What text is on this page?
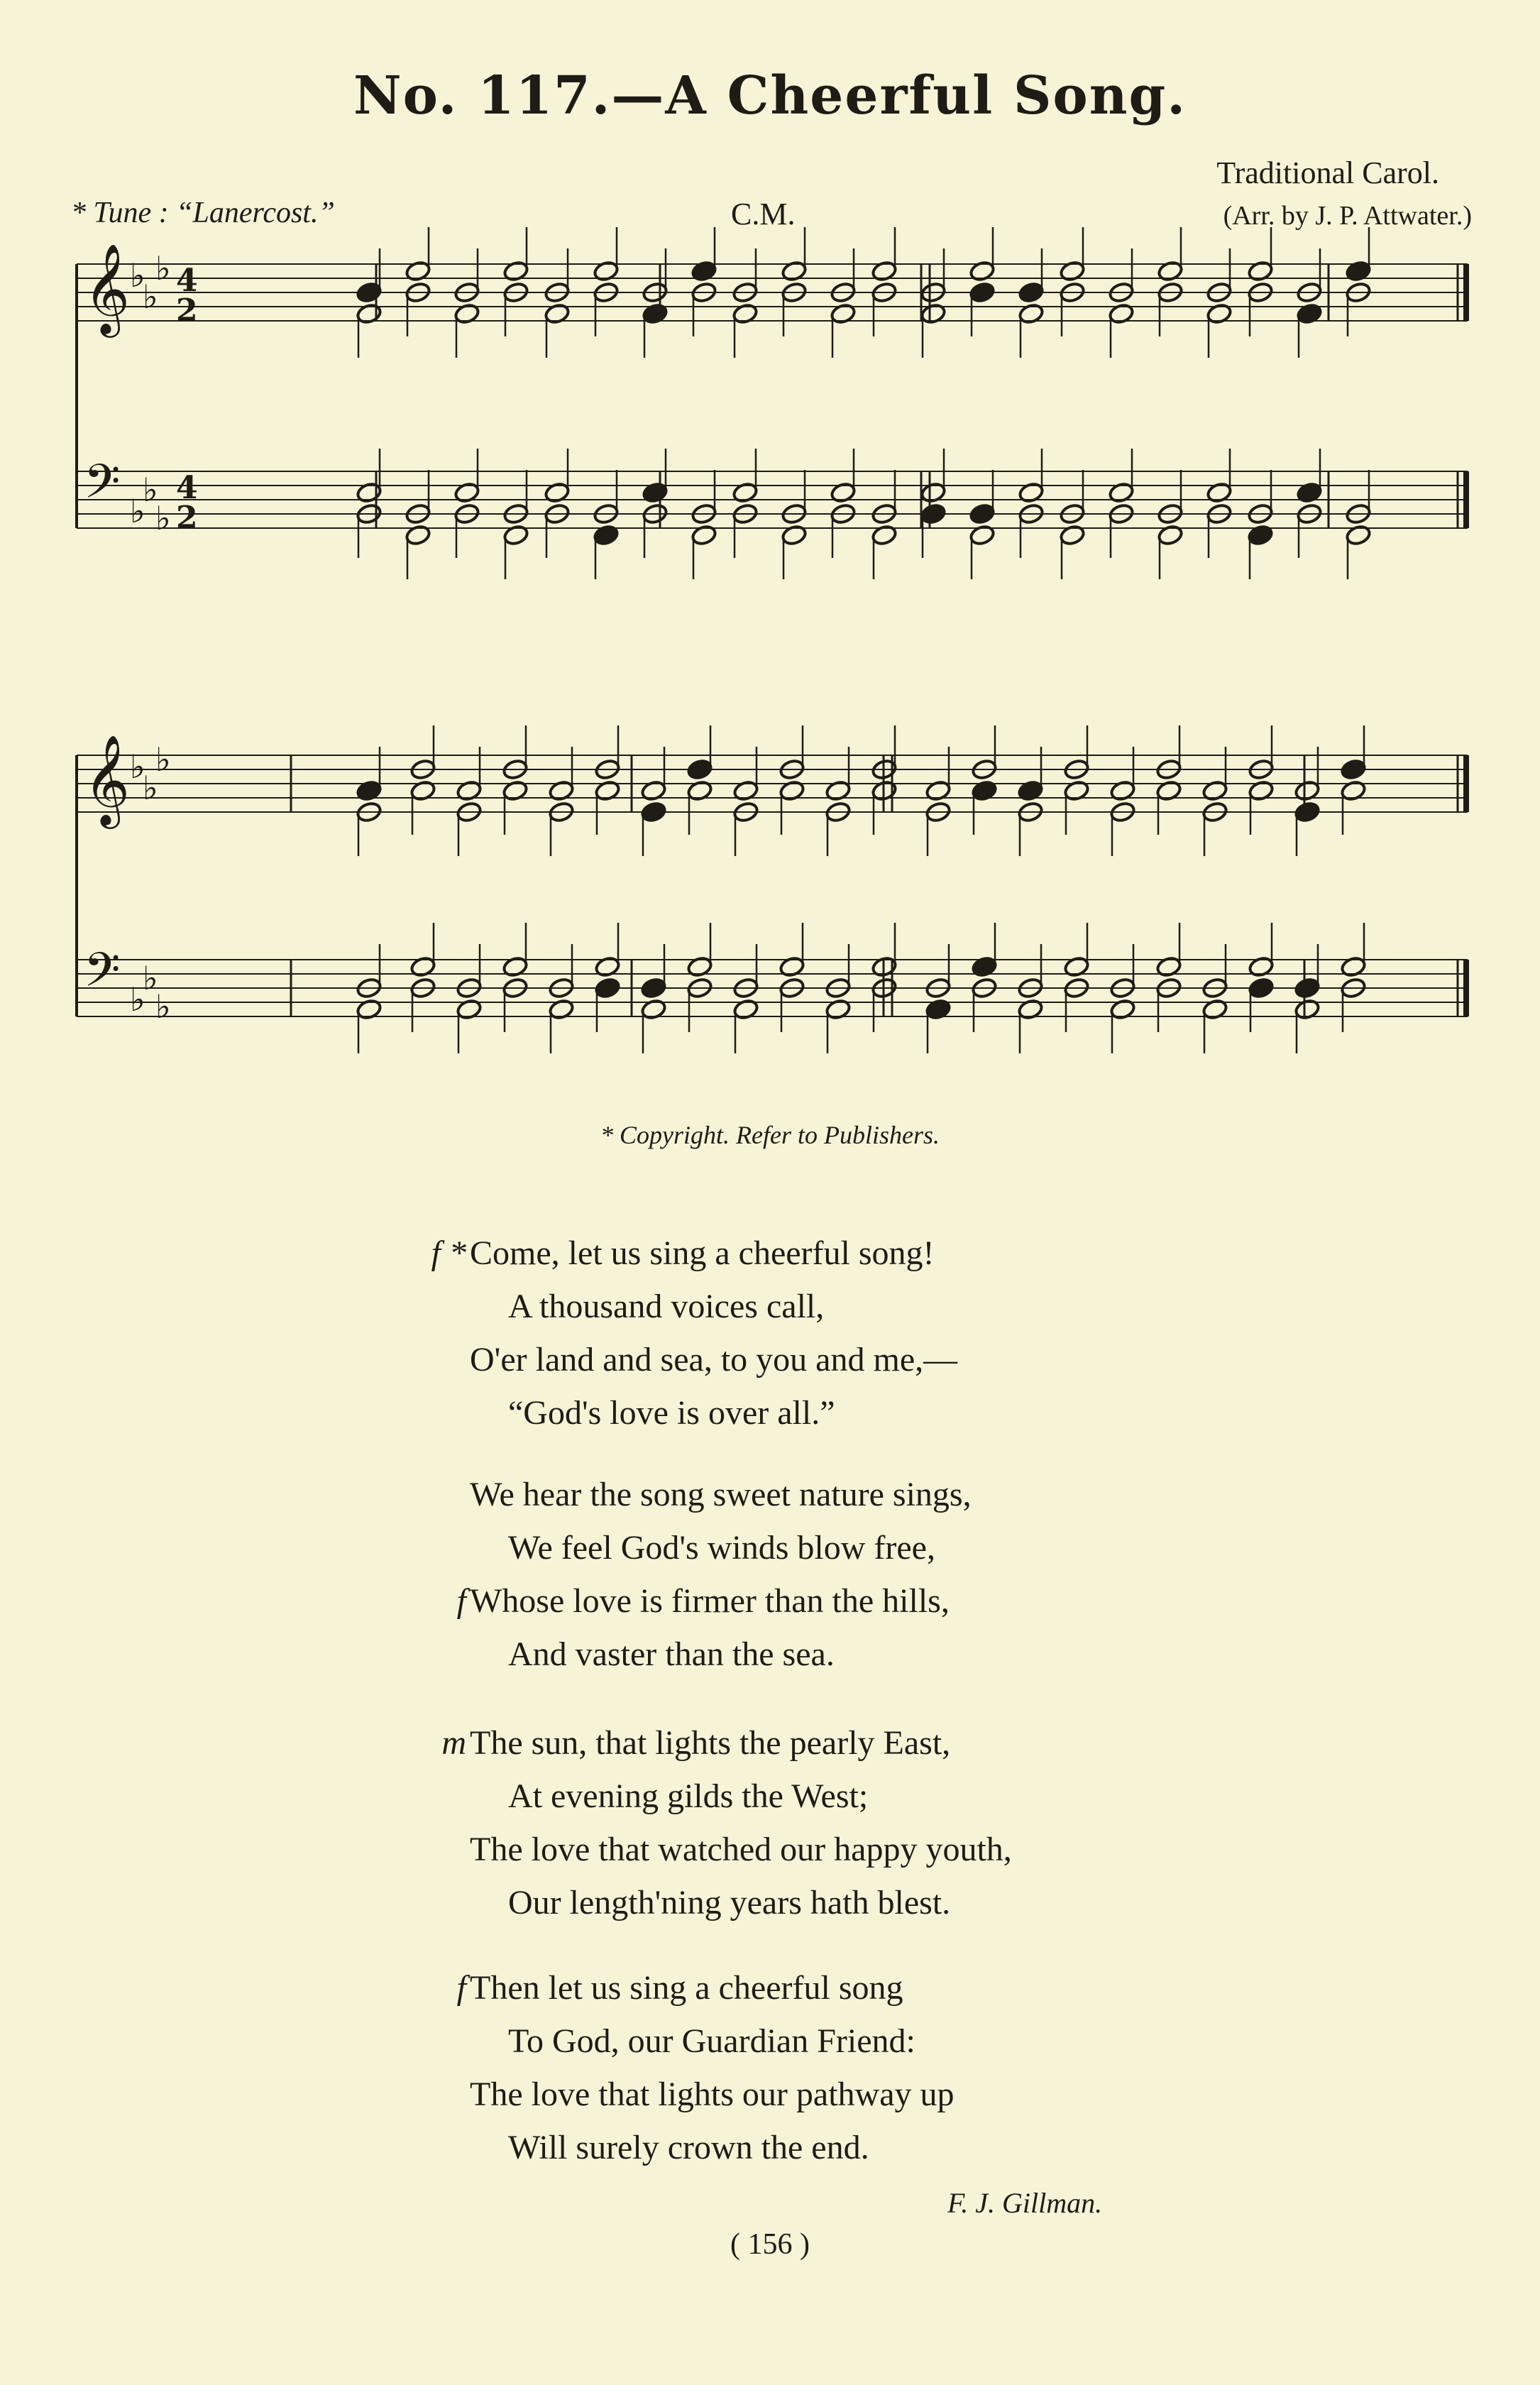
No. 117.—A Cheerful Song.
Traditional Carol.
(Arr. by J. P. Attwater.)
* Tune : “Lanercost.”	C.M.
𝄞 ♭
♭
♭ 4
2
𝄢 ♭
♭
♭
4
2
𝄞 ♭
♭
♭
𝄢 ♭
♭
♭
* Copyright. Refer to Publishers.
f * Come, let us sing a cheerful song!
A thousand voices call,
O'er land and sea, to you and me,—
“God's love is over all.”
We hear the song sweet nature sings,
We feel God's winds blow free,
f Whose love is firmer than the hills,
And vaster than the sea.
m The sun, that lights the pearly East,
At evening gilds the West;
The love that watched our happy youth,
Our length'ning years hath blest.
f Then let us sing a cheerful song
To God, our Guardian Friend:
The love that lights our pathway up
Will surely crown the end.
F. J. Gillman.
( 156 )
